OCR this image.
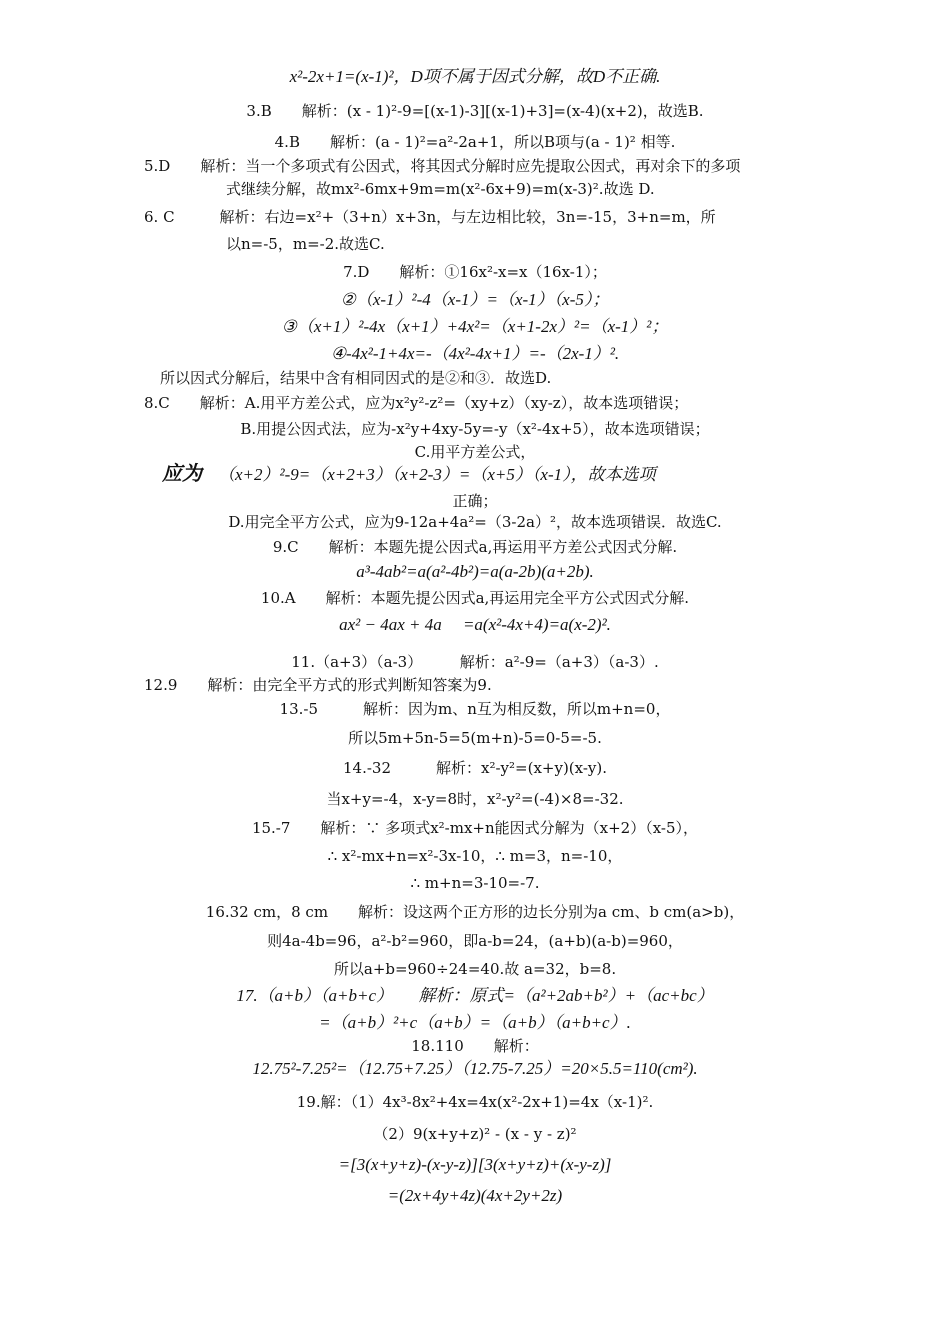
x²-2x+1=(x-1)²，D项不属于因式分解，故D不正确.
3.B　　解析：(x - 1)²-9=[(x-1)-3][(x-1)+3]=(x-4)(x+2)，故选B.
4.B　　解析：(a - 1)²=a²-2a+1，所以B项与(a - 1)² 相等.
5.D　　解析：当一个多项式有公因式，将其因式分解时应先提取公因式，再对余下的多项
式继续分解，故mx²-6mx+9m=m(x²-6x+9)=m(x-3)².故选 D.
6. C　　　解析：右边=x²+（3+n）x+3n，与左边相比较，3n=-15，3+n=m，所
以n=-5，m=-2.故选C.
7.D　　解析：①16x²-x=x（16x-1）；
②（x-1）²-4（x-1）=（x-1）（x-5）；
③（x+1）²-4x（x+1）+4x²=（x+1-2x）²=（x-1）²；
④-4x²-1+4x=-（4x²-4x+1）=-（2x-1）².
所以因式分解后，结果中含有相同因式的是②和③．故选D.
8.C　　解析：A.用平方差公式，应为x²y²-z²=（xy+z）（xy-z），故本选项错误；
B.用提公因式法，应为-x²y+4xy-5y=-y（x²-4x+5），故本选项错误；
C.用平方差公式，
（x+2）²-9=（x+2+3）（x+2-3）=（x+5）（x-1），故本选项
应为
正确；
D.用完全平方公式，应为9-12a+4a²=（3-2a）²，故本选项错误．故选C.
9.C　　解析：本题先提公因式a,再运用平方差公式因式分解.
a³-4ab²=a(a²-4b²)=a(a-2b)(a+2b).
10.A　　解析：本题先提公因式a,再运用完全平方公式因式分解.
ax² − 4ax + 4a　 =a(x²-4x+4)=a(x-2)².
11.（a+3）（a-3）　　　解析：a²-9=（a+3）（a-3）.
12.9　　解析：由完全平方式的形式判断知答案为9.
13.-5　　　解析：因为m、n互为相反数，所以m+n=0，
所以5m+5n-5=5(m+n)-5=0-5=-5.
14.-32　　　解析：x²-y²=(x+y)(x-y).
当x+y=-4，x-y=8时，x²-y²=(-4)×8=-32.
15.-7　　解析：∵ 多项式x²-mx+n能因式分解为（x+2）（x-5），
∴ x²-mx+n=x²-3x-10，∴ m=3，n=-10，
∴ m+n=3-10=-7.
16.32 cm，8 cm　　解析：设这两个正方形的边长分别为a cm、b cm(a>b)，
则4a-4b=96，a²-b²=960，即a-b=24，(a+b)(a-b)=960，
所以a+b=960÷24=40.故 a=32，b=8.
17.（a+b）（a+b+c）　　解析：原式=（a²+2ab+b²）+（ac+bc）
=（a+b）²+c（a+b）=（a+b）（a+b+c）.
18.110　　解析：
12.75²-7.25²=（12.75+7.25）（12.75-7.25）=20×5.5=110(cm²).
19.解：（1）4x³-8x²+4x=4x(x²-2x+1)=4x（x-1)².
（2）9(x+y+z)² - (x - y - z)²
=[3(x+y+z)-(x-y-z)][3(x+y+z)+(x-y-z)]
=(2x+4y+4z)(4x+2y+2z)
